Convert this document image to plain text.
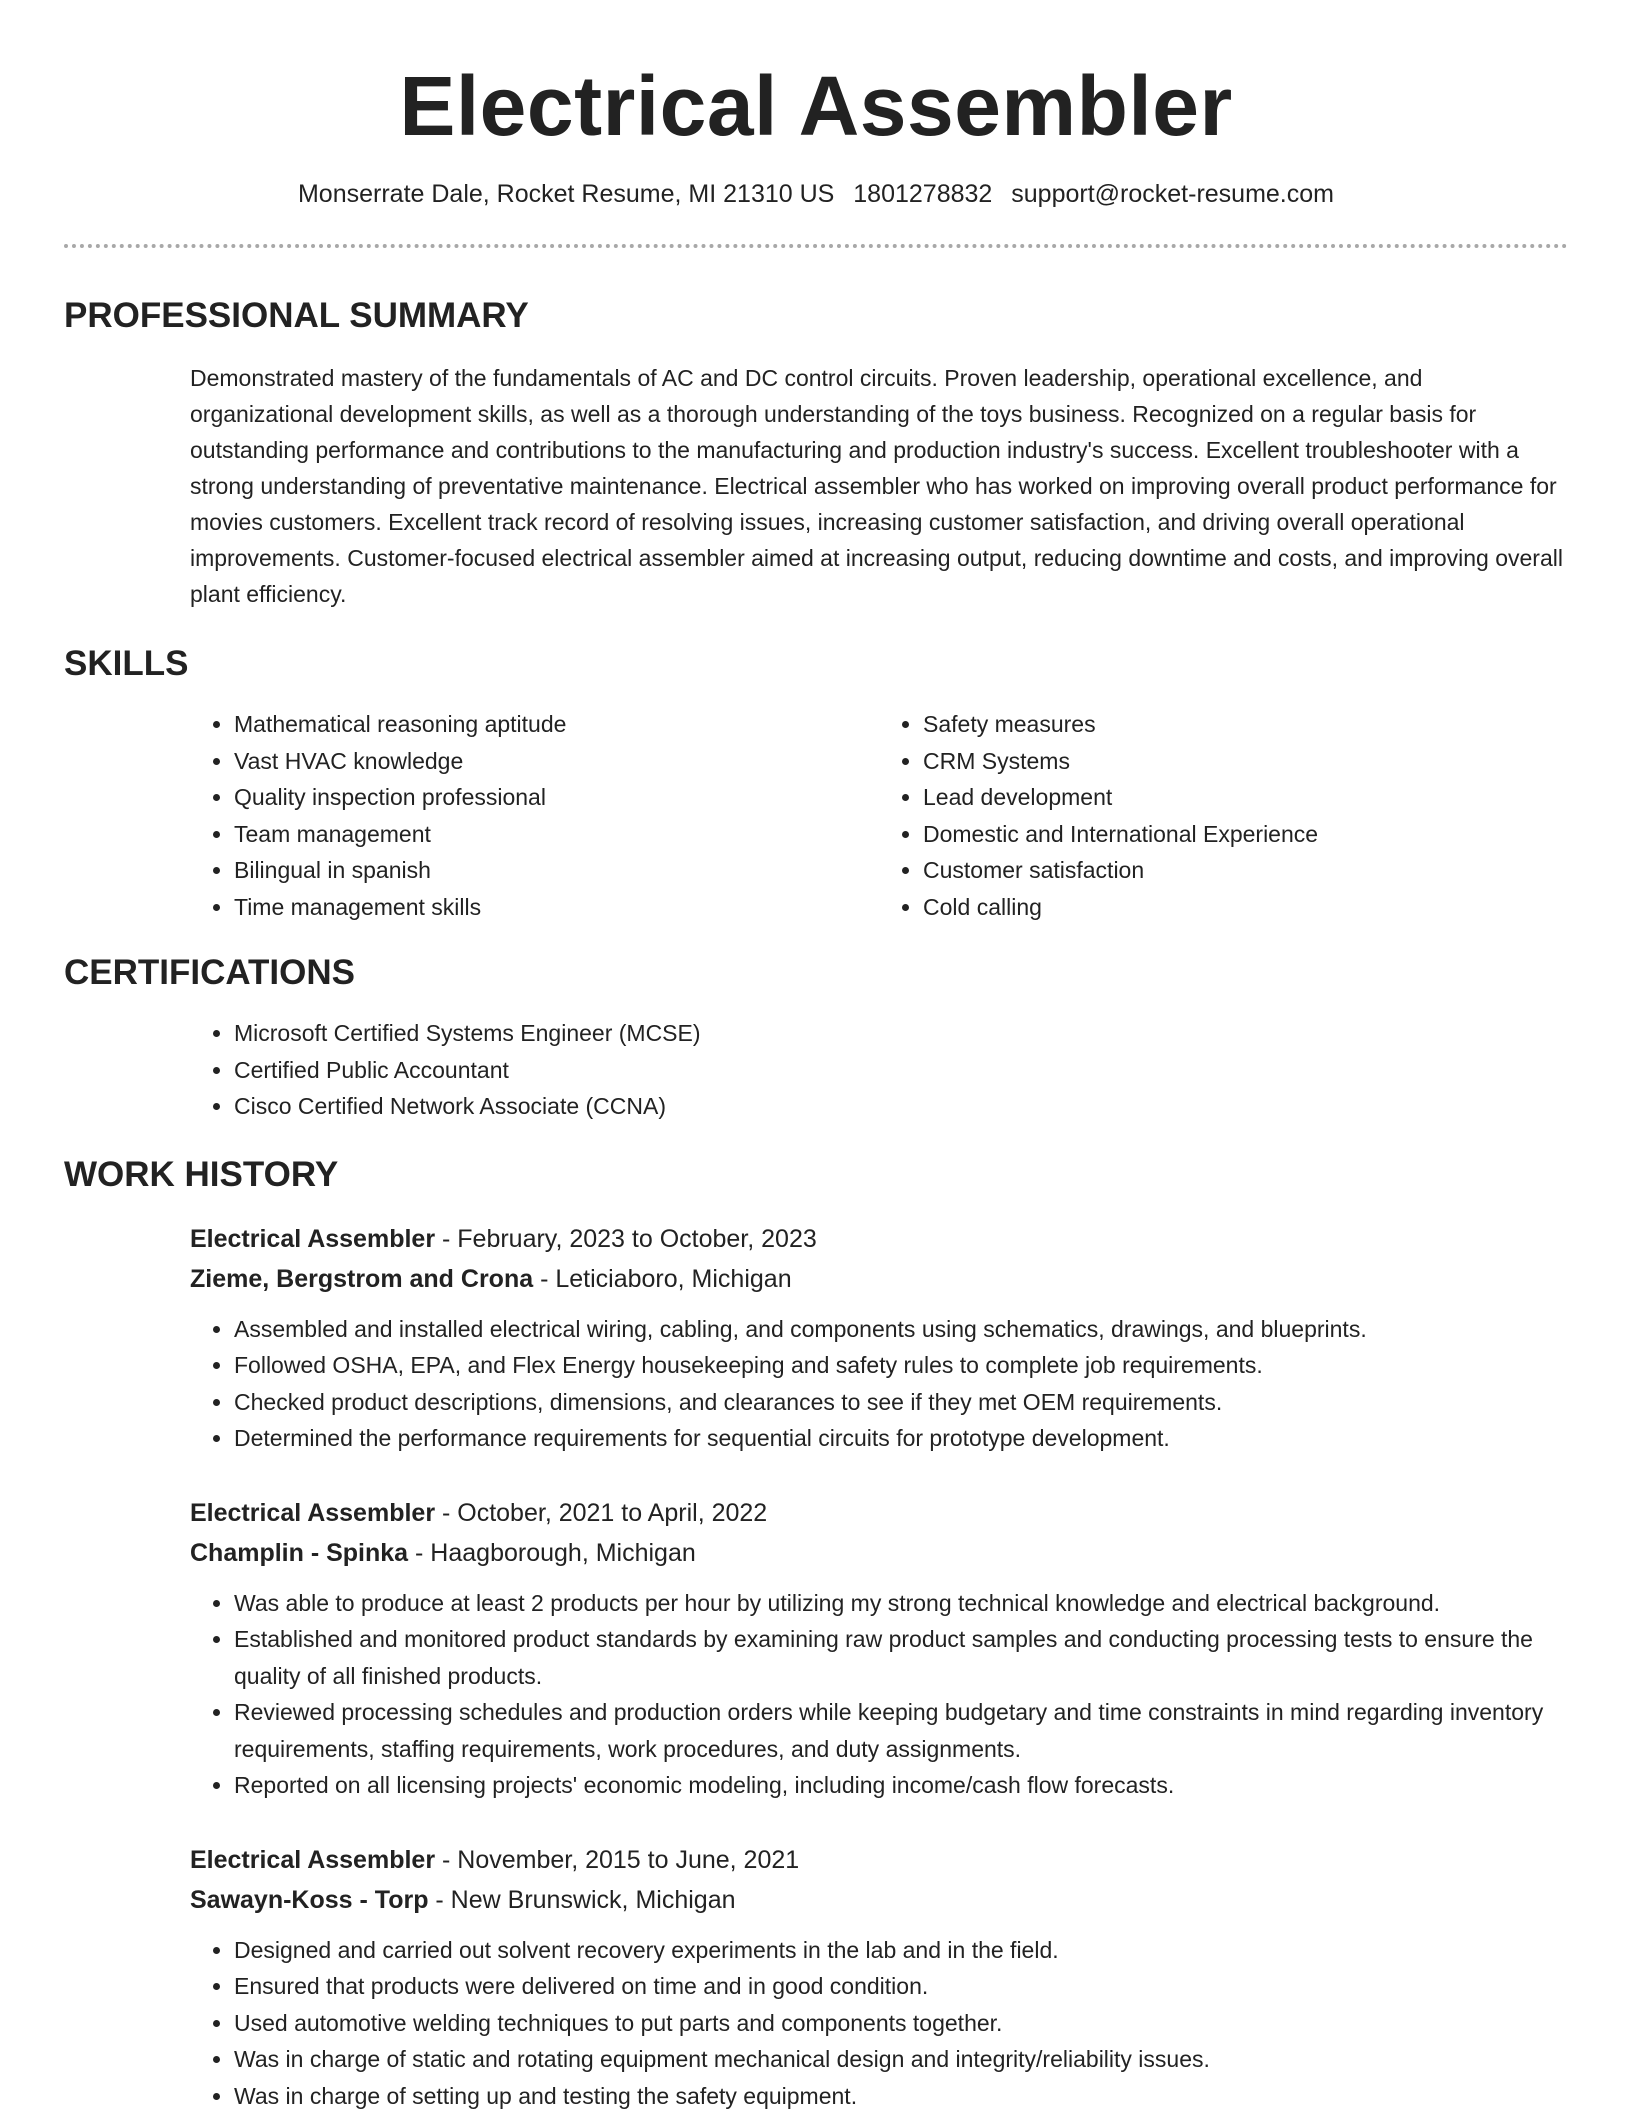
Electrical Assembler
Monserrate Dale, Rocket Resume, MI 21310 US 1801278832 support@rocket-resume.com
PROFESSIONAL SUMMARY
Demonstrated mastery of the fundamentals of AC and DC control circuits. Proven leadership, operational excellence, and organizational development skills, as well as a thorough understanding of the toys business. Recognized on a regular basis for outstanding performance and contributions to the manufacturing and production industry's success. Excellent troubleshooter with a strong understanding of preventative maintenance. Electrical assembler who has worked on improving overall product performance for movies customers. Excellent track record of resolving issues, increasing customer satisfaction, and driving overall operational improvements. Customer-focused electrical assembler aimed at increasing output, reducing downtime and costs, and improving overall plant efficiency.
SKILLS
• Mathematical reasoning aptitude
• Vast HVAC knowledge
• Quality inspection professional
• Team management
• Bilingual in spanish
• Time management skills
• Safety measures
• CRM Systems
• Lead development
• Domestic and International Experience
• Customer satisfaction
• Cold calling
CERTIFICATIONS
• Microsoft Certified Systems Engineer (MCSE)
• Certified Public Accountant
• Cisco Certified Network Associate (CCNA)
WORK HISTORY
Electrical Assembler - February, 2023 to October, 2023
Zieme, Bergstrom and Crona - Leticiaboro, Michigan
• Assembled and installed electrical wiring, cabling, and components using schematics, drawings, and blueprints.
• Followed OSHA, EPA, and Flex Energy housekeeping and safety rules to complete job requirements.
• Checked product descriptions, dimensions, and clearances to see if they met OEM requirements.
• Determined the performance requirements for sequential circuits for prototype development.
Electrical Assembler - October, 2021 to April, 2022
Champlin - Spinka - Haagborough, Michigan
• Was able to produce at least 2 products per hour by utilizing my strong technical knowledge and electrical background.
• Established and monitored product standards by examining raw product samples and conducting processing tests to ensure the quality of all finished products.
• Reviewed processing schedules and production orders while keeping budgetary and time constraints in mind regarding inventory requirements, staffing requirements, work procedures, and duty assignments.
• Reported on all licensing projects' economic modeling, including income/cash flow forecasts.
Electrical Assembler - November, 2015 to June, 2021
Sawayn-Koss - Torp - New Brunswick, Michigan
• Designed and carried out solvent recovery experiments in the lab and in the field.
• Ensured that products were delivered on time and in good condition.
• Used automotive welding techniques to put parts and components together.
• Was in charge of static and rotating equipment mechanical design and integrity/reliability issues.
• Was in charge of setting up and testing the safety equipment.
